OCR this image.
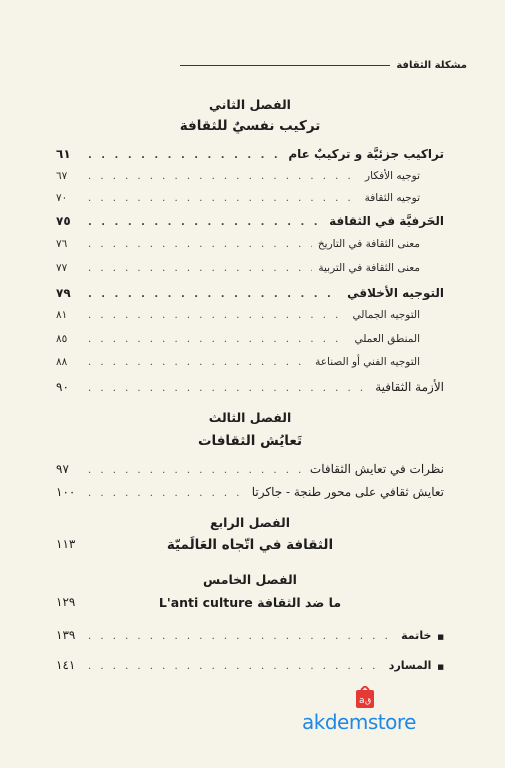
مشكلة الثقافة
الفصل الثاني
تركيب نفسيٌ للثقافة
تراكيب جزئيَّة و تركيبٌ عام
. . .
٦١
توجيه الأفكار
. . .
٦٧
توجيه الثقافة
. . .
٧٠
الحَرفيَّة في الثقافة
. . .
٧٥
معنى الثقافة في التاريخ
. . .
٧٦
معنى الثقافة في التربية
. . .
٧٧
التوجيه الأخلاقي
. . .
٧٩
التوجيه الجمالي
. . .
٨١
المنطق العملي
. . .
٨٥
التوجيه الفني أو الصناعة
. . .
٨٨
الأزمة الثقافية
. . .
٩٠
الفصل الثالث
تَعايُش الثقافات
نظرات في تعايش الثقافات
. . .
٩٧
تعايش ثقافي على محور طنجة - جاكرتا
. . .
١٠٠
الفصل الرابع
الثقافة في اتّجاه العَالَميّة
١١٣
الفصل الخامس
ما ضد الثقافة L'anti culture
١٢٩
■
خاتمة
. . .
١٣٩
■
المسارد
. . .
١٤١
a ق
akdemstore
